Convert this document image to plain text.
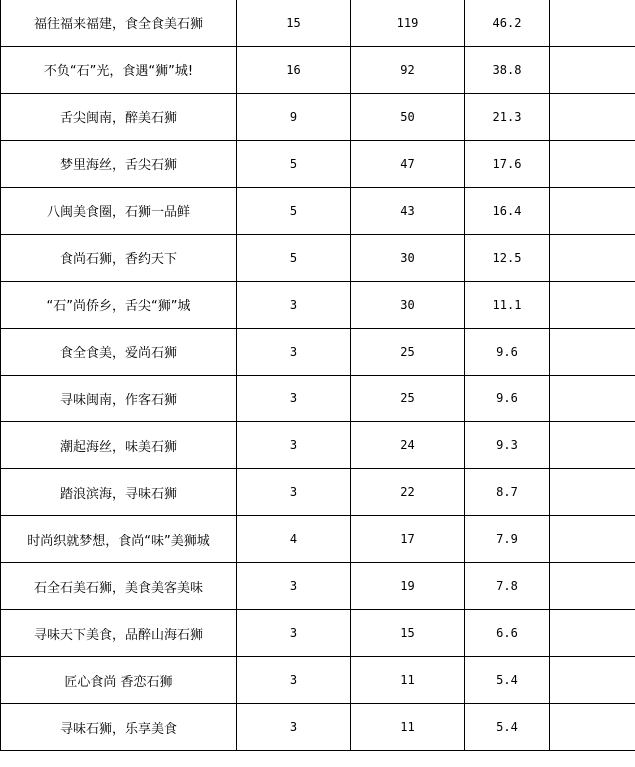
福往福来福建，食全食美石狮	15	119	46.2	
不负“石”光，食遇“狮”城!	16	92	38.8	
舌尖闽南，醉美石狮	9	50	21.3	
梦里海丝，舌尖石狮	5	47	17.6	
八闽美食圈，石狮一品鲜	5	43	16.4	
食尚石狮，香约天下	5	30	12.5	
“石”尚侨乡，舌尖“狮”城	3	30	11.1	
食全食美，爱尚石狮	3	25	9.6	
寻味闽南，作客石狮	3	25	9.6	
潮起海丝，味美石狮	3	24	9.3	
踏浪滨海，寻味石狮	3	22	8.7	
时尚织就梦想，食尚“味”美狮城	4	17	7.9	
石全石美石狮，美食美客美味	3	19	7.8	
寻味天下美食，品醉山海石狮	3	15	6.6	
匠心食尚 香恋石狮	3	11	5.4	
寻味石狮，乐享美食	3	11	5.4	
